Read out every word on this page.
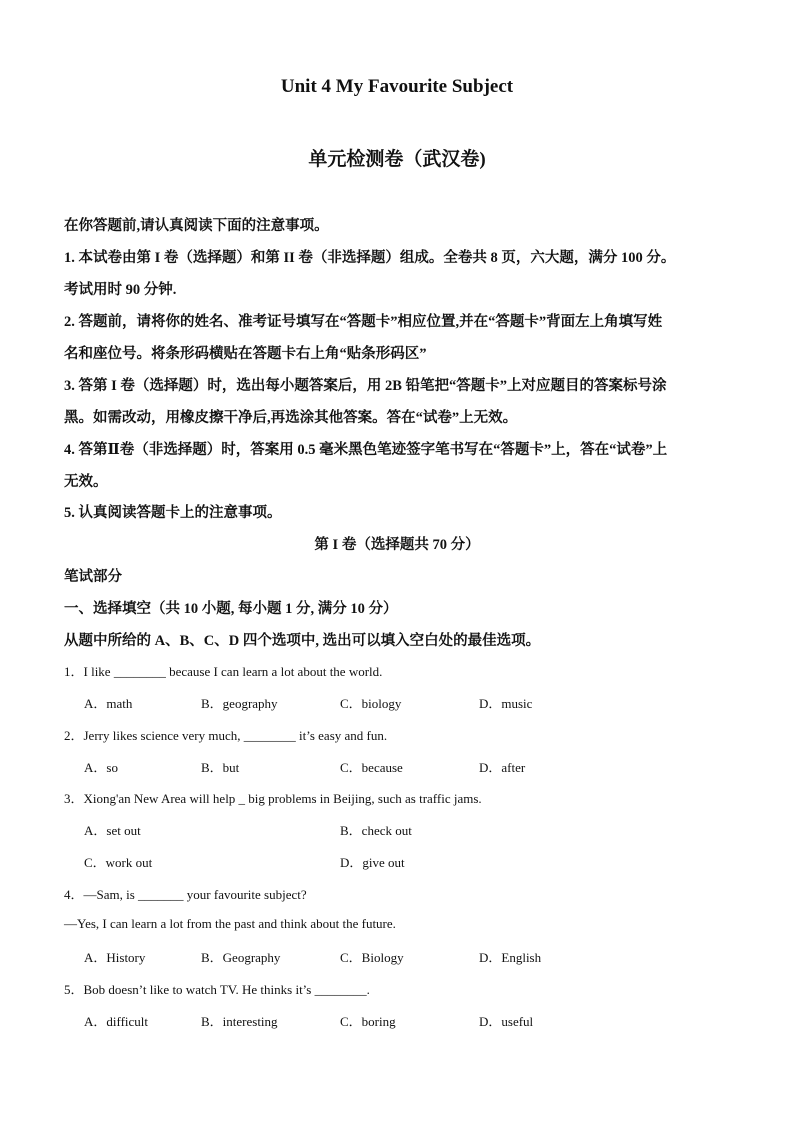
Unit 4 My Favourite Subject
单元检测卷（武汉卷)
在你答题前,请认真阅读下面的注意事项。
1. 本试卷由第 I 卷（选择题）和第 II 卷（非选择题）组成。全卷共 8 页，六大题，满分 100 分。
考试用时 90 分钟.
2. 答题前，请将你的姓名、准考证号填写在“答题卡”相应位置,并在“答题卡”背面左上角填写姓
名和座位号。将条形码横贴在答题卡右上角“贴条形码区”
3. 答第 I 卷（选择题）时，选出每小题答案后，用 2B 铅笔把“答题卡”上对应题目的答案标号涂
黑。如需改动，用橡皮擦干净后,再选涂其他答案。答在“试卷”上无效。
4. 答第Ⅱ卷（非选择题）时，答案用 0.5 毫米黑色笔迹签字笔书写在“答题卡”上，答在“试卷”上
无效。
5. 认真阅读答题卡上的注意事项。
第 I 卷（选择题共 70 分）
笔试部分
一、选择填空（共 10 小题, 每小题 1 分, 满分 10 分）
从题中所给的 A、B、C、D 四个选项中, 选出可以填入空白处的最佳选项。
1．I like ________ because I can learn a lot about the world.
A．math	B．geography	C．biology	D．music
2．Jerry likes science very much, ________ it’s easy and fun.
A．so	B．but	C．because	D．after
3．Xiong'an New Area will help _ big problems in Beijing, such as traffic jams.
A．set out	B．check out
C．work out	D．give out
4．—Sam, is _______ your favourite subject?
—Yes, I can learn a lot from the past and think about the future.
A．History	B．Geography	C．Biology	D．English
5．Bob doesn’t like to watch TV. He thinks it’s ________.
A．difficult	B．interesting	C．boring	D．useful
